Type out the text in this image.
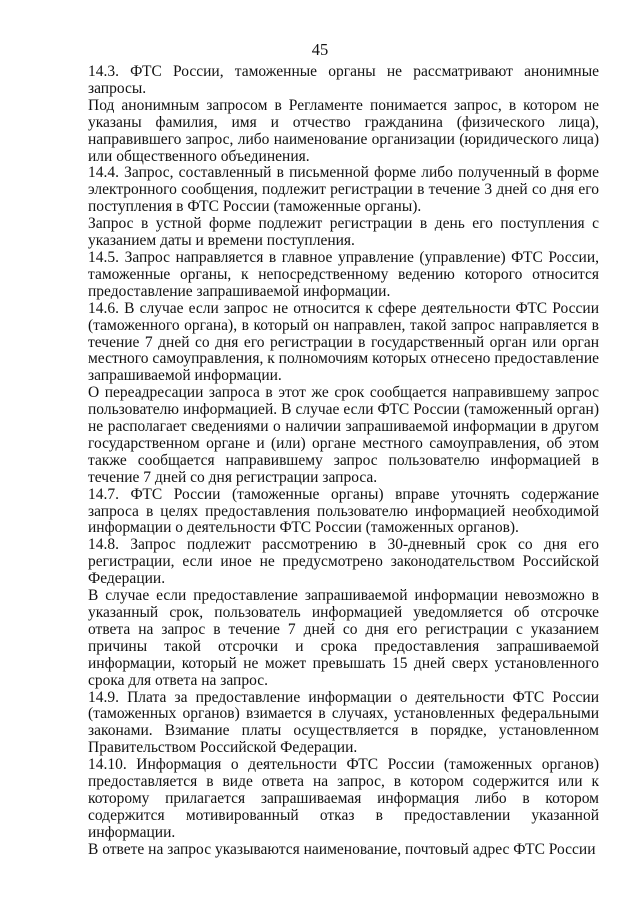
45

14.3. ФТС России, таможенные органы не рассматривают анонимные запросы.

Под анонимным запросом в Регламенте понимается запрос, в котором не указаны фамилия, имя и отчество гражданина (физического лица), направившего запрос, либо наименование организации (юридического лица) или общественного объединения.

14.4. Запрос, составленный в письменной форме либо полученный в форме электронного сообщения, подлежит регистрации в течение 3 дней со дня его поступления в ФТС России (таможенные органы).

Запрос в устной форме подлежит регистрации в день его поступления с указанием даты и времени поступления.

14.5. Запрос направляется в главное управление (управление) ФТС России, таможенные органы, к непосредственному ведению которого относится предоставление запрашиваемой информации.

14.6. В случае если запрос не относится к сфере деятельности ФТС России (таможенного органа), в который он направлен, такой запрос направляется в течение 7 дней со дня его регистрации в государственный орган или орган местного самоуправления, к полномочиям которых отнесено предоставление запрашиваемой информации.

О переадресации запроса в этот же срок сообщается направившему запрос пользователю информацией. В случае если ФТС России (таможенный орган) не располагает сведениями о наличии запрашиваемой информации в другом государственном органе и (или) органе местного самоуправления, об этом также сообщается направившему запрос пользователю информацией в течение 7 дней со дня регистрации запроса.

14.7. ФТС России (таможенные органы) вправе уточнять содержание запроса в целях предоставления пользователю информацией необходимой информации о деятельности ФТС России (таможенных органов).

14.8. Запрос подлежит рассмотрению в 30-дневный срок со дня его регистрации, если иное не предусмотрено законодательством Российской Федерации.

В случае если предоставление запрашиваемой информации невозможно в указанный срок, пользователь информацией уведомляется об отсрочке ответа на запрос в течение 7 дней со дня его регистрации с указанием причины такой отсрочки и срока предоставления запрашиваемой информации, который не может превышать 15 дней сверх установленного срока для ответа на запрос.

14.9. Плата за предоставление информации о деятельности ФТС России (таможенных органов) взимается в случаях, установленных федеральными законами. Взимание платы осуществляется в порядке, установленном Правительством Российской Федерации.

14.10. Информация о деятельности ФТС России (таможенных органов) предоставляется в виде ответа на запрос, в котором содержится или к которому прилагается запрашиваемая информация либо в котором содержится мотивированный отказ в предоставлении указанной информации.

В ответе на запрос указываются наименование, почтовый адрес ФТС России
